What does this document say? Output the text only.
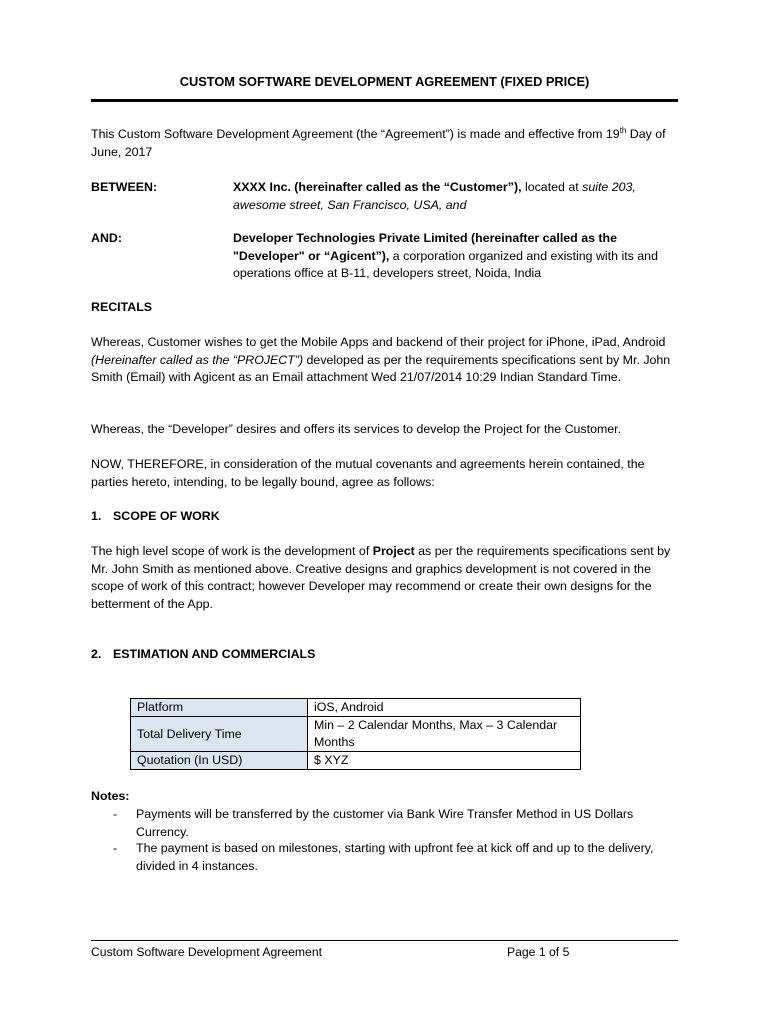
CUSTOM SOFTWARE DEVELOPMENT AGREEMENT (FIXED PRICE)
This Custom Software Development Agreement (the “Agreement”) is made and effective from 19th Day of June, 2017
BETWEEN:	XXXX Inc. (hereinafter called as the “Customer”), located at suite 203, awesome street, San Francisco, USA, and
AND:	Developer Technologies Private Limited (hereinafter called as the "Developer" or “Agicent”), a corporation organized and existing with its and operations office at B-11, developers street, Noida, India
RECITALS
Whereas, Customer wishes to get the Mobile Apps and backend of their project for iPhone, iPad, Android (Hereinafter called as the “PROJECT”) developed as per the requirements specifications sent by Mr. John Smith (Email) with Agicent as an Email attachment Wed 21/07/2014 10:29 Indian Standard Time.
Whereas, the “Developer” desires and offers its services to develop the Project for the Customer.
NOW, THEREFORE, in consideration of the mutual covenants and agreements herein contained, the parties hereto, intending, to be legally bound, agree as follows:
1. SCOPE OF WORK
The high level scope of work is the development of Project as per the requirements specifications sent by Mr. John Smith as mentioned above. Creative designs and graphics development is not covered in the scope of work of this contract; however Developer may recommend or create their own designs for the betterment of the App.
2. ESTIMATION AND COMMERCIALS
Platform	iOS, Android
Total Delivery Time	Min – 2 Calendar Months, Max – 3 Calendar Months
Quotation (In USD)	$ XYZ
Notes:
- Payments will be transferred by the customer via Bank Wire Transfer Method in US Dollars Currency.
- The payment is based on milestones, starting with upfront fee at kick off and up to the delivery, divided in 4 instances.
Custom Software Development Agreement	Page 1 of 5
